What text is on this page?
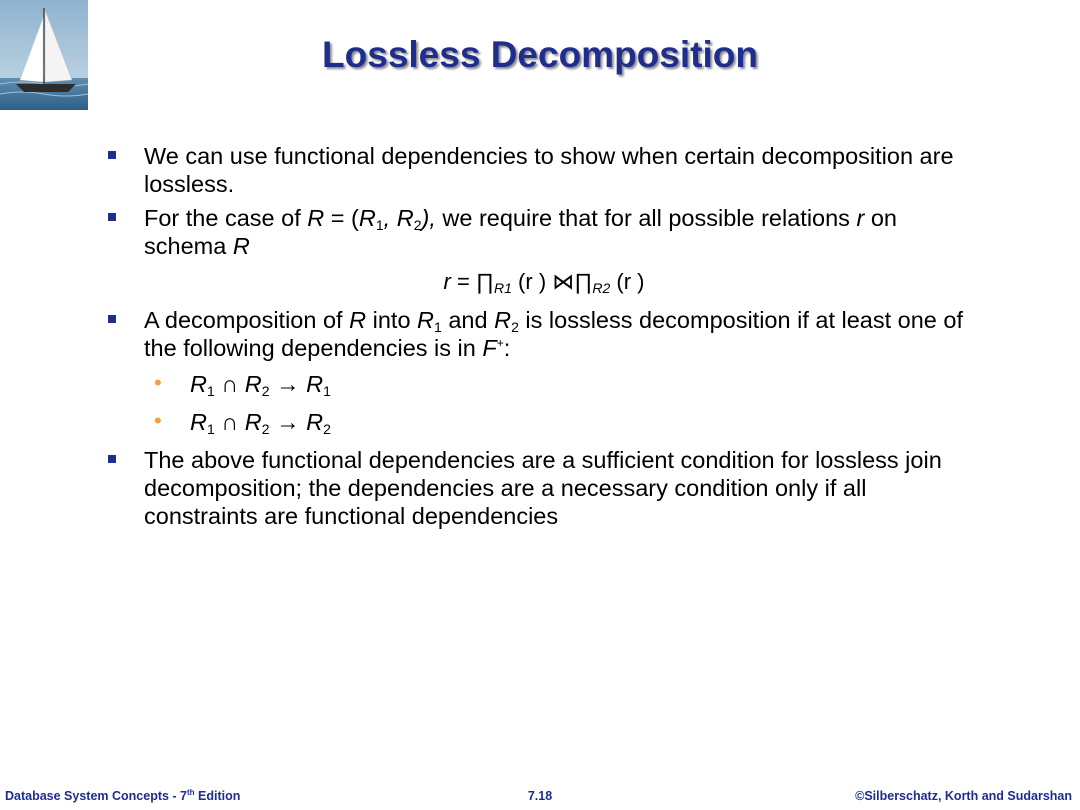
Lossless Decomposition
We can use functional dependencies to show when certain decomposition are lossless.
For the case of $R = (R_1$, $R_2$), we require that for all possible relations r on schema R
$r = \prod_{R1}$ (r ) $⋈\prod_{R2}$ (r )
A decomposition of R into $R_1$ and $R_2$ is lossless decomposition if at least one of the following dependencies is in F+:
• $R_1$ ∩ $R_2 \to R_1$
• $R_1$ ∩ $R_2 \to R_2$
The above functional dependencies are a sufficient condition for lossless join decomposition; the dependencies are a necessary condition only if all constraints are functional dependencies
Database System Concepts - 7th Edition	7.18	©Silberschatz, Korth and Sudarshan
